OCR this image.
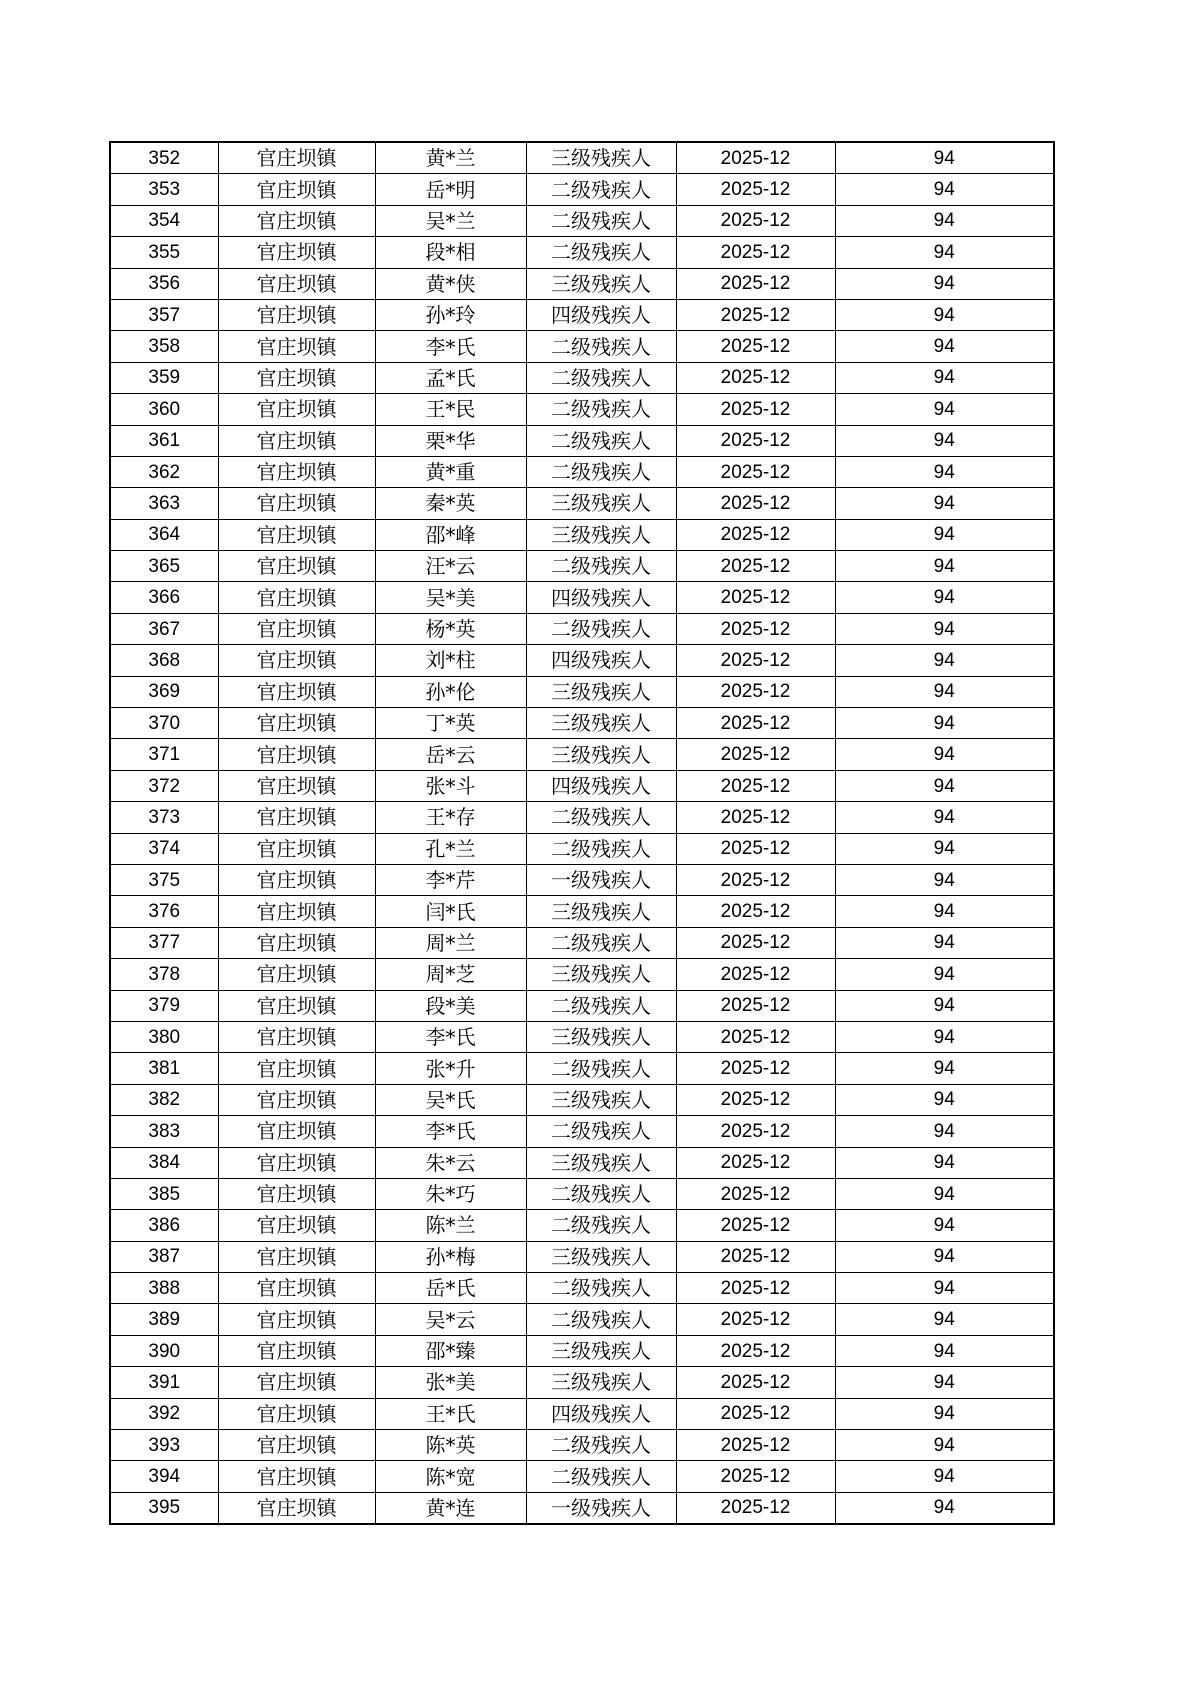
352	官庄坝镇	黄*兰	三级残疾人	2025-12	94
353	官庄坝镇	岳*明	二级残疾人	2025-12	94
354	官庄坝镇	吴*兰	二级残疾人	2025-12	94
355	官庄坝镇	段*相	二级残疾人	2025-12	94
356	官庄坝镇	黄*侠	三级残疾人	2025-12	94
357	官庄坝镇	孙*玲	四级残疾人	2025-12	94
358	官庄坝镇	李*氏	二级残疾人	2025-12	94
359	官庄坝镇	孟*氏	二级残疾人	2025-12	94
360	官庄坝镇	王*民	二级残疾人	2025-12	94
361	官庄坝镇	栗*华	二级残疾人	2025-12	94
362	官庄坝镇	黄*重	二级残疾人	2025-12	94
363	官庄坝镇	秦*英	三级残疾人	2025-12	94
364	官庄坝镇	邵*峰	三级残疾人	2025-12	94
365	官庄坝镇	汪*云	二级残疾人	2025-12	94
366	官庄坝镇	吴*美	四级残疾人	2025-12	94
367	官庄坝镇	杨*英	二级残疾人	2025-12	94
368	官庄坝镇	刘*柱	四级残疾人	2025-12	94
369	官庄坝镇	孙*伦	三级残疾人	2025-12	94
370	官庄坝镇	丁*英	三级残疾人	2025-12	94
371	官庄坝镇	岳*云	三级残疾人	2025-12	94
372	官庄坝镇	张*斗	四级残疾人	2025-12	94
373	官庄坝镇	王*存	二级残疾人	2025-12	94
374	官庄坝镇	孔*兰	二级残疾人	2025-12	94
375	官庄坝镇	李*芹	一级残疾人	2025-12	94
376	官庄坝镇	闫*氏	三级残疾人	2025-12	94
377	官庄坝镇	周*兰	二级残疾人	2025-12	94
378	官庄坝镇	周*芝	三级残疾人	2025-12	94
379	官庄坝镇	段*美	二级残疾人	2025-12	94
380	官庄坝镇	李*氏	三级残疾人	2025-12	94
381	官庄坝镇	张*升	二级残疾人	2025-12	94
382	官庄坝镇	吴*氏	三级残疾人	2025-12	94
383	官庄坝镇	李*氏	二级残疾人	2025-12	94
384	官庄坝镇	朱*云	三级残疾人	2025-12	94
385	官庄坝镇	朱*巧	二级残疾人	2025-12	94
386	官庄坝镇	陈*兰	二级残疾人	2025-12	94
387	官庄坝镇	孙*梅	三级残疾人	2025-12	94
388	官庄坝镇	岳*氏	二级残疾人	2025-12	94
389	官庄坝镇	吴*云	二级残疾人	2025-12	94
390	官庄坝镇	邵*臻	三级残疾人	2025-12	94
391	官庄坝镇	张*美	三级残疾人	2025-12	94
392	官庄坝镇	王*氏	四级残疾人	2025-12	94
393	官庄坝镇	陈*英	二级残疾人	2025-12	94
394	官庄坝镇	陈*宽	二级残疾人	2025-12	94
395	官庄坝镇	黄*连	一级残疾人	2025-12	94
